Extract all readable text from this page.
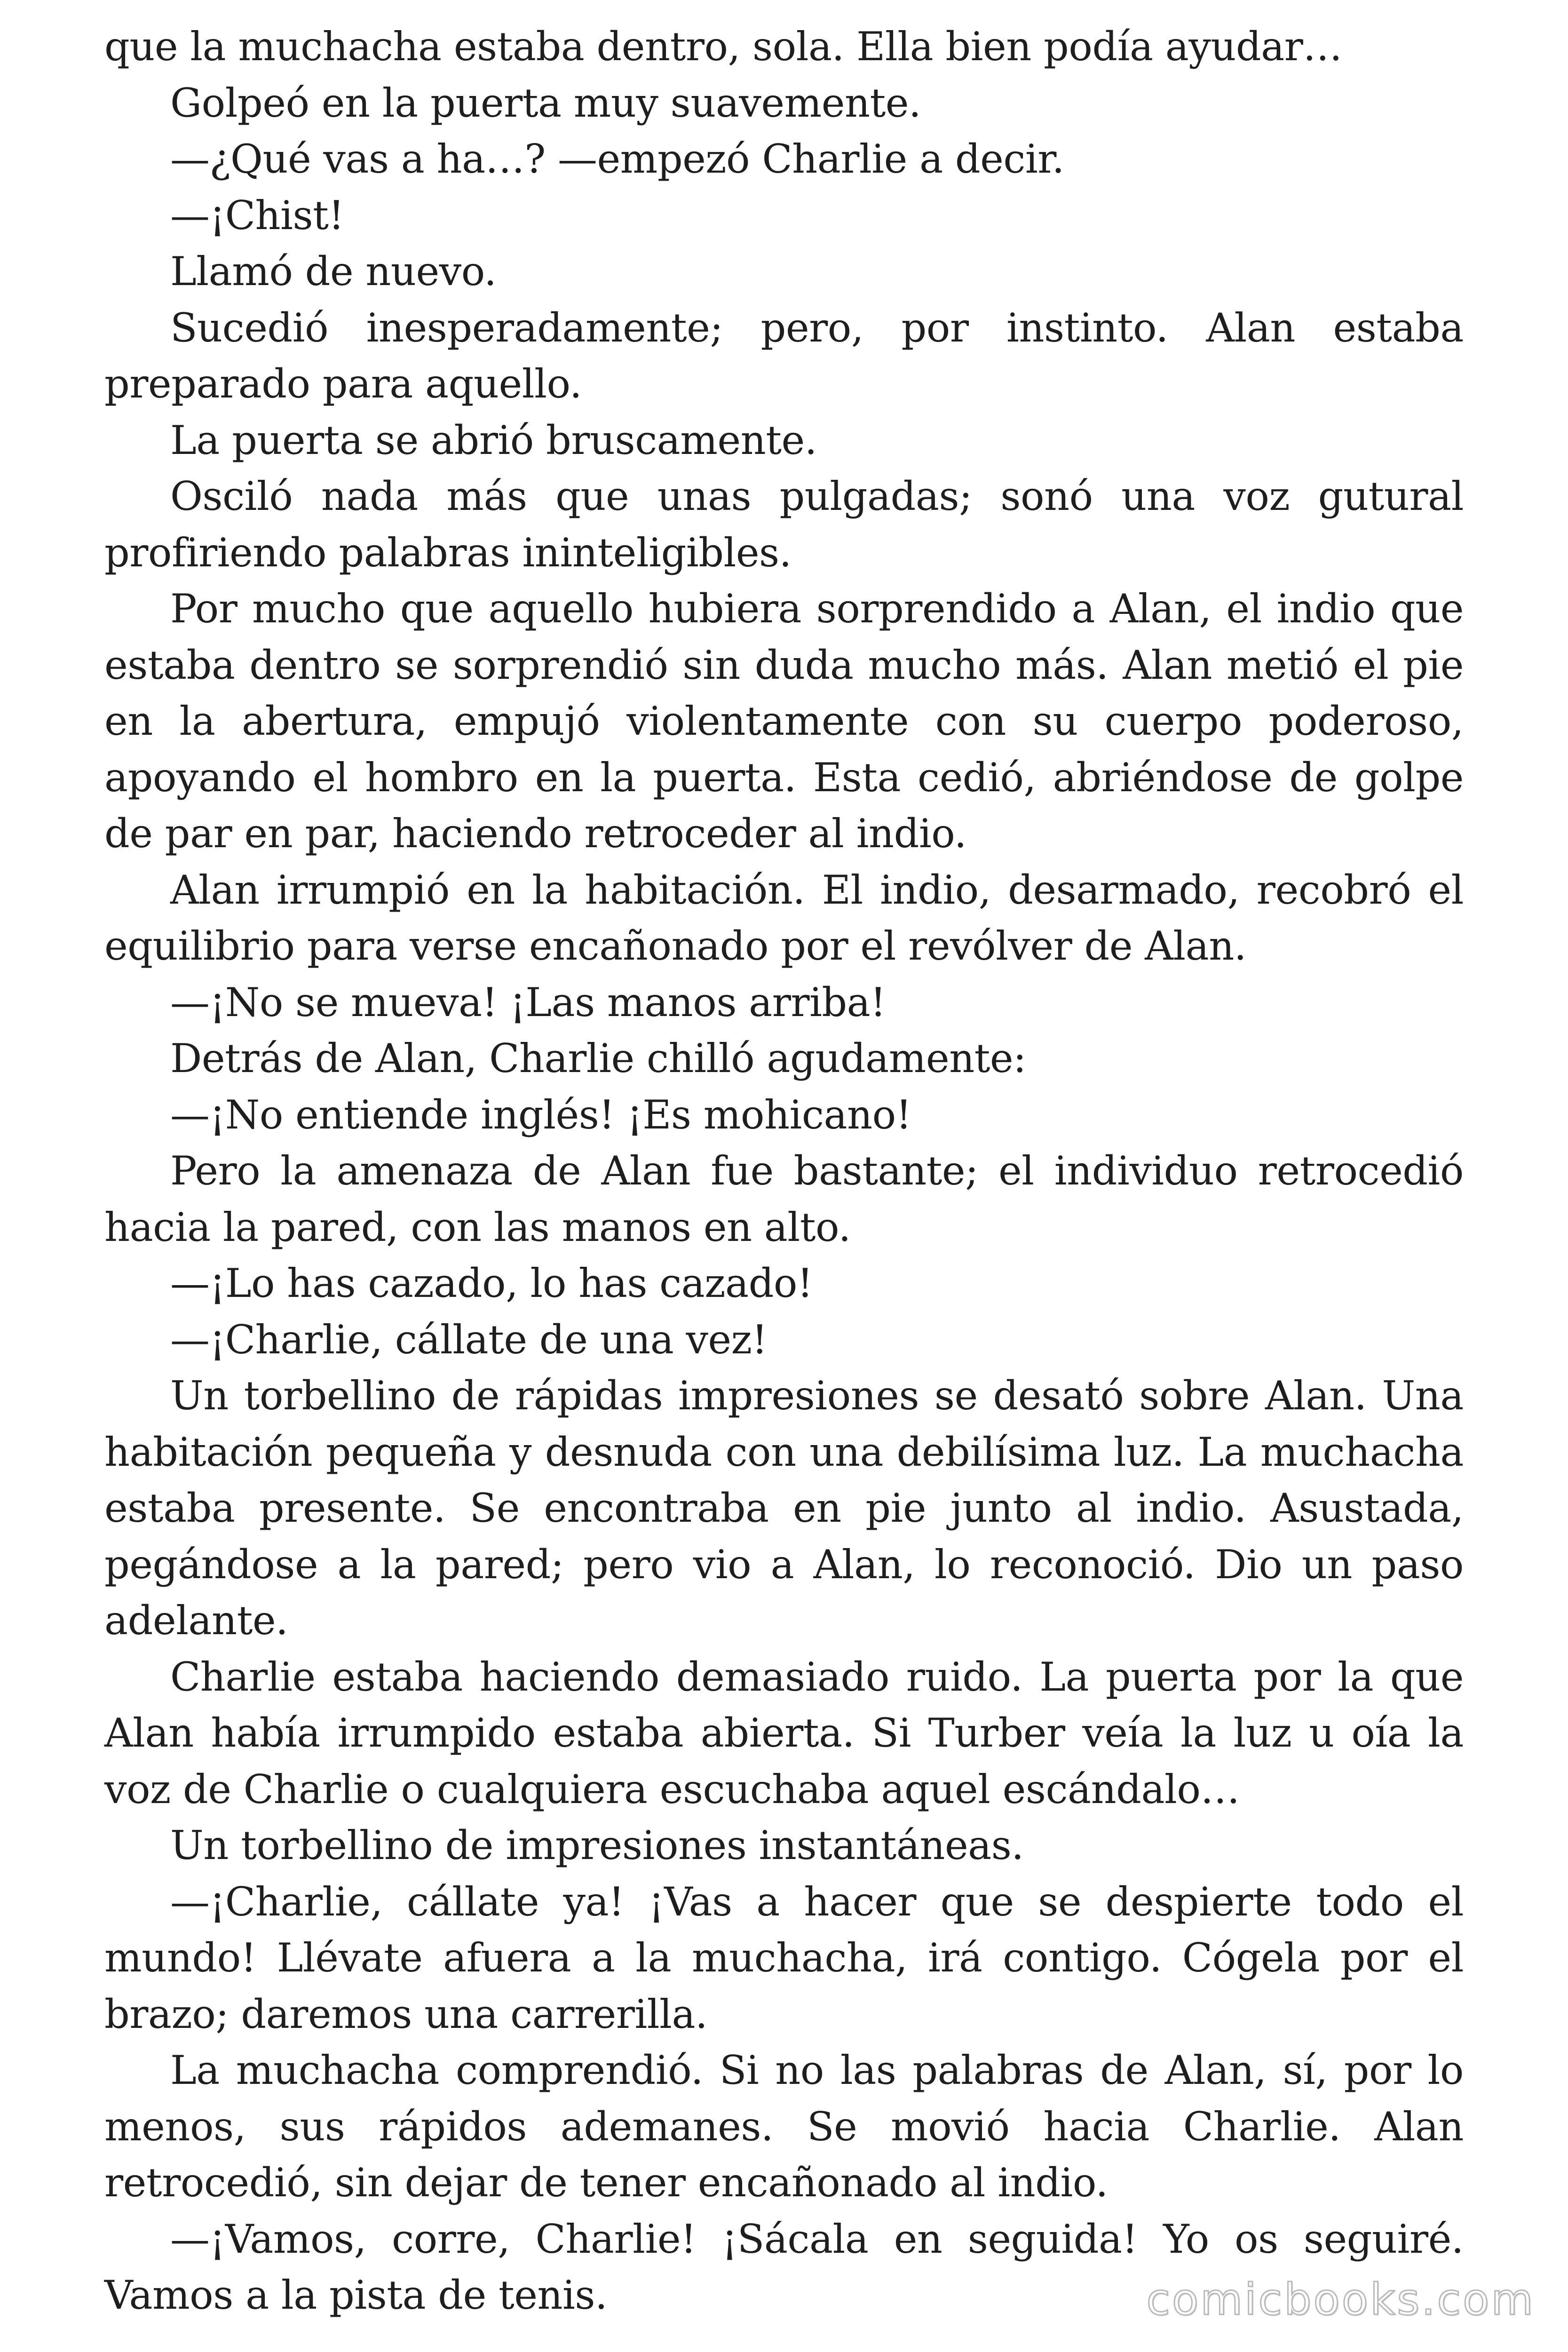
que la muchacha estaba dentro, sola. Ella bien podía ayudar…

Golpeó en la puerta muy suavemente.

—¿Qué vas a ha…? —empezó Charlie a decir.

—¡Chist!

Llamó de nuevo.

Sucedió inesperadamente; pero, por instinto. Alan estaba preparado para aquello.

La puerta se abrió bruscamente.

Osciló nada más que unas pulgadas; sonó una voz gutural profiriendo palabras ininteligibles.

Por mucho que aquello hubiera sorprendido a Alan, el indio que estaba dentro se sorprendió sin duda mucho más. Alan metió el pie en la abertura, empujó violentamente con su cuerpo poderoso, apoyando el hombro en la puerta. Esta cedió, abriéndose de golpe de par en par, haciendo retroceder al indio.

Alan irrumpió en la habitación. El indio, desarmado, recobró el equilibrio para verse encañonado por el revólver de Alan.

—¡No se mueva! ¡Las manos arriba!

Detrás de Alan, Charlie chilló agudamente:

—¡No entiende inglés! ¡Es mohicano!

Pero la amenaza de Alan fue bastante; el individuo retrocedió hacia la pared, con las manos en alto.

—¡Lo has cazado, lo has cazado!

—¡Charlie, cállate de una vez!

Un torbellino de rápidas impresiones se desató sobre Alan. Una habitación pequeña y desnuda con una debilísima luz. La muchacha estaba presente. Se encontraba en pie junto al indio. Asustada, pegándose a la pared; pero vio a Alan, lo reconoció. Dio un paso adelante.

Charlie estaba haciendo demasiado ruido. La puerta por la que Alan había irrumpido estaba abierta. Si Turber veía la luz u oía la voz de Charlie o cualquiera escuchaba aquel escándalo…

Un torbellino de impresiones instantáneas.

—¡Charlie, cállate ya! ¡Vas a hacer que se despierte todo el mundo! Llévate afuera a la muchacha, irá contigo. Cógela por el brazo; daremos una carrerilla.

La muchacha comprendió. Si no las palabras de Alan, sí, por lo menos, sus rápidos ademanes. Se movió hacia Charlie. Alan retrocedió, sin dejar de tener encañonado al indio.

—¡Vamos, corre, Charlie! ¡Sácala en seguida! Yo os seguiré. Vamos a la pista de tenis.	comicbooks.com
